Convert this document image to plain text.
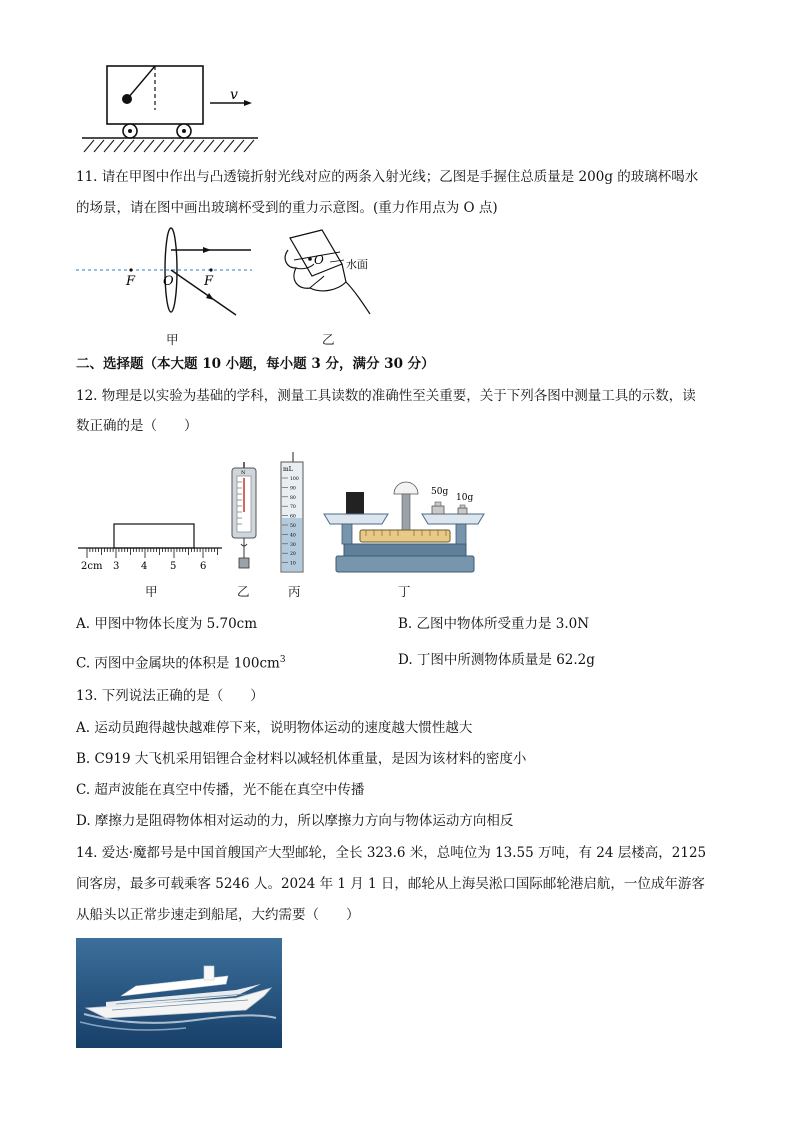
v
11. 请在甲图中作出与凸透镜折射光线对应的两条入射光线；乙图是手握住总质量是 200g 的玻璃杯喝水
的场景，请在图中画出玻璃杯受到的重力示意图。(重力作用点为 O 点)
F O F
甲
O 水面
乙
二、选择题（本大题 10 小题，每小题 3 分，满分 30 分）
12. 物理是以实验为基础的学科，测量工具读数的准确性至关重要，关于下列各图中测量工具的示数，读
数正确的是（　　）
2cm 3 4 5 6
甲
N
乙
mL
100
90
80
70
60
50
40
30
20
10
丙
50g
10g
丁
A. 甲图中物体长度为 5.70cm	B. 乙图中物体所受重力是 3.0N
C. 丙图中金属块的体积是 $100cm^3$	D. 丁图中所测物体质量是 62.2g
13. 下列说法正确的是（　　）
A. 运动员跑得越快越难停下来，说明物体运动的速度越大惯性越大
B. C919 大飞机采用铝锂合金材料以减轻机体重量，是因为该材料的密度小
C. 超声波能在真空中传播，光不能在真空中传播
D. 摩擦力是阻碍物体相对运动的力，所以摩擦力方向与物体运动方向相反
14. 爱达·魔都号是中国首艘国产大型邮轮，全长 323.6 米，总吨位为 13.55 万吨，有 24 层楼高，2125
间客房，最多可载乘客 5246 人。2024 年 1 月 1 日，邮轮从上海吴淞口国际邮轮港启航，一位成年游客
从船头以正常步速走到船尾，大约需要（　　）
